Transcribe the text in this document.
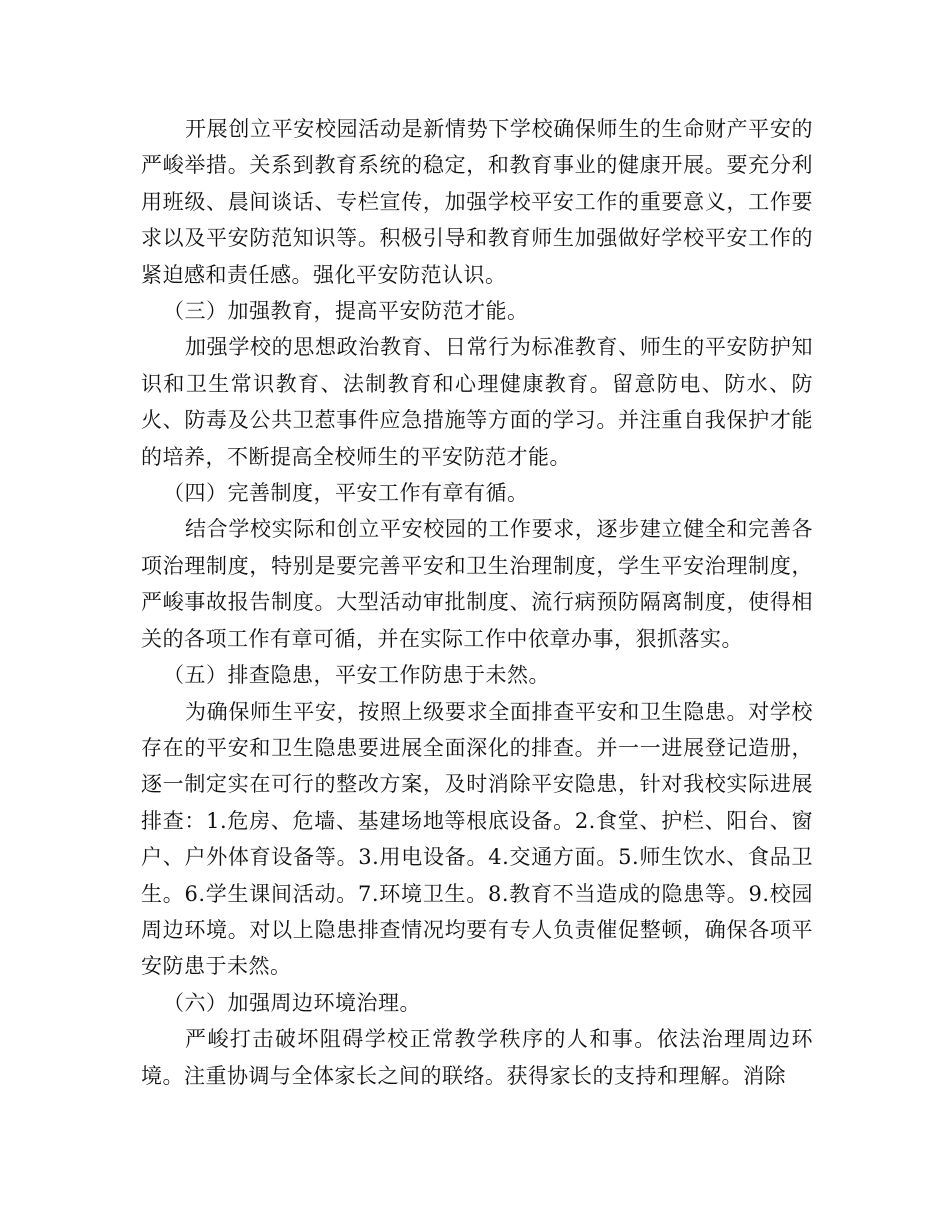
开展创立平安校园活动是新情势下学校确保师生的生命财产平安的严峻举措。关系到教育系统的稳定，和教育事业的健康开展。要充分利用班级、晨间谈话、专栏宣传，加强学校平安工作的重要意义，工作要求以及平安防范知识等。积极引导和教育师生加强做好学校平安工作的紧迫感和责任感。强化平安防范认识。

（三）加强教育，提高平安防范才能。

加强学校的思想政治教育、日常行为标准教育、师生的平安防护知识和卫生常识教育、法制教育和心理健康教育。留意防电、防水、防火、防毒及公共卫惹事件应急措施等方面的学习。并注重自我保护才能的培养，不断提高全校师生的平安防范才能。

（四）完善制度，平安工作有章有循。

结合学校实际和创立平安校园的工作要求，逐步建立健全和完善各项治理制度，特别是要完善平安和卫生治理制度，学生平安治理制度，严峻事故报告制度。大型活动审批制度、流行病预防隔离制度，使得相关的各项工作有章可循，并在实际工作中依章办事，狠抓落实。

（五）排查隐患，平安工作防患于未然。

为确保师生平安，按照上级要求全面排查平安和卫生隐患。对学校存在的平安和卫生隐患要进展全面深化的排查。并一一进展登记造册，逐一制定实在可行的整改方案，及时消除平安隐患，针对我校实际进展排查：1.危房、危墙、基建场地等根底设备。2.食堂、护栏、阳台、窗户、户外体育设备等。3.用电设备。4.交通方面。5.师生饮水、食品卫生。6.学生课间活动。7.环境卫生。8.教育不当造成的隐患等。9.校园周边环境。对以上隐患排查情况均要有专人负责催促整顿，确保各项平安防患于未然。

（六）加强周边环境治理。

严峻打击破坏阻碍学校正常教学秩序的人和事。依法治理周边环境。注重协调与全体家长之间的联络。获得家长的支持和理解。消除
